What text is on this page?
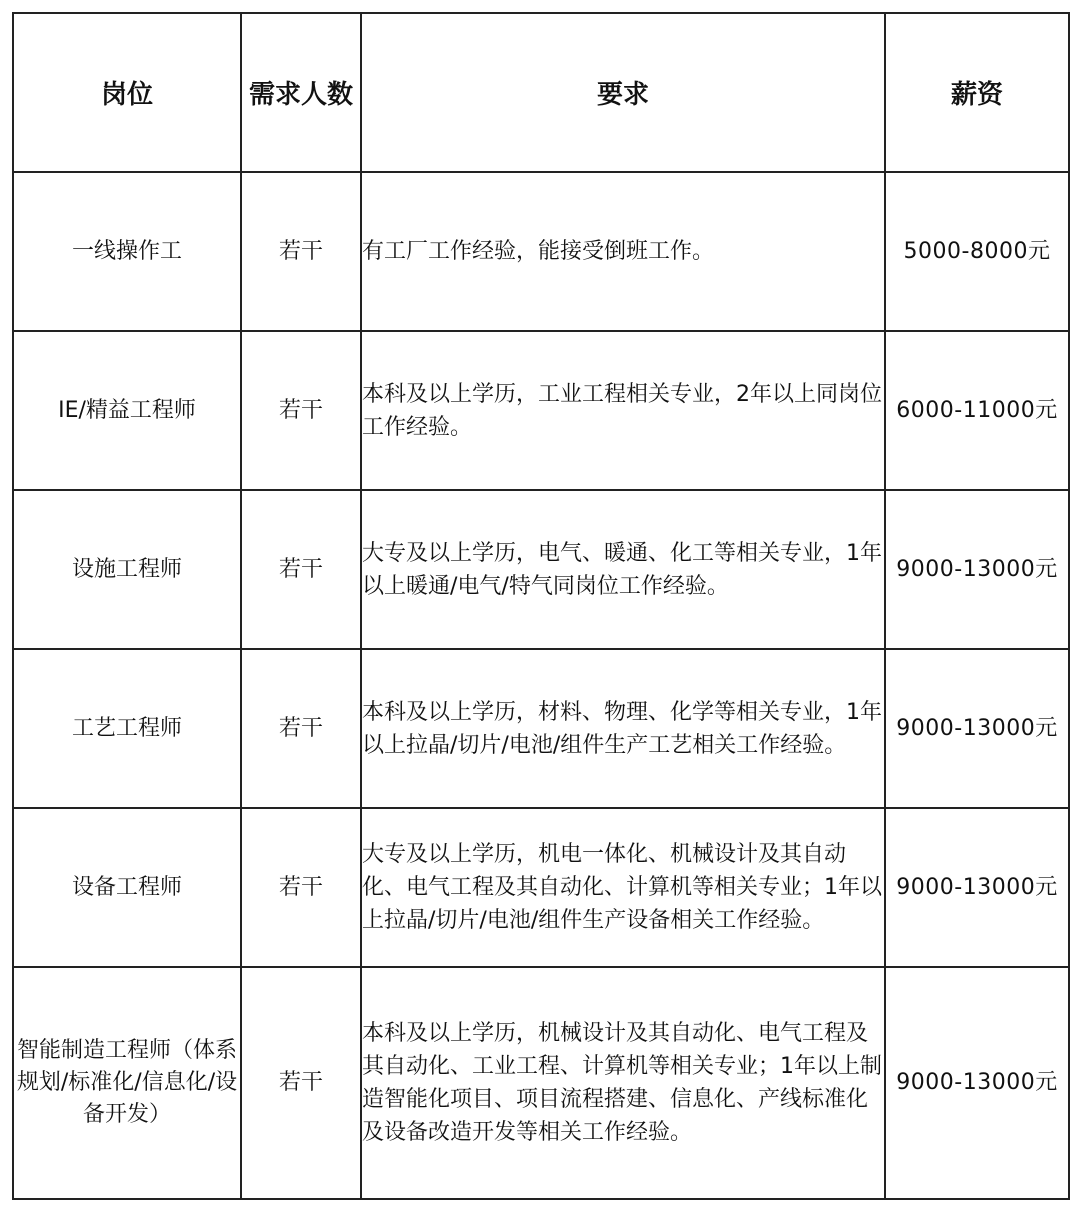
岗位	需求人数	要求	薪资
一线操作工	若干	有工厂工作经验，能接受倒班工作。	5000-8000元
IE/精益工程师	若干	本科及以上学历，工业工程相关专业，2年以上同岗位工作经验。	6000-11000元
设施工程师	若干	大专及以上学历，电气、暖通、化工等相关专业，1年以上暖通/电气/特气同岗位工作经验。	9000-13000元
工艺工程师	若干	本科及以上学历，材料、物理、化学等相关专业，1年以上拉晶/切片/电池/组件生产工艺相关工作经验。	9000-13000元
设备工程师	若干	大专及以上学历，机电一体化、机械设计及其自动化、电气工程及其自动化、计算机等相关专业；1年以上拉晶/切片/电池/组件生产设备相关工作经验。	9000-13000元
智能制造工程师（体系规划/标准化/信息化/设备开发）	若干	本科及以上学历，机械设计及其自动化、电气工程及其自动化、工业工程、计算机等相关专业；1年以上制造智能化项目、项目流程搭建、信息化、产线标准化及设备改造开发等相关工作经验。	9000-13000元
